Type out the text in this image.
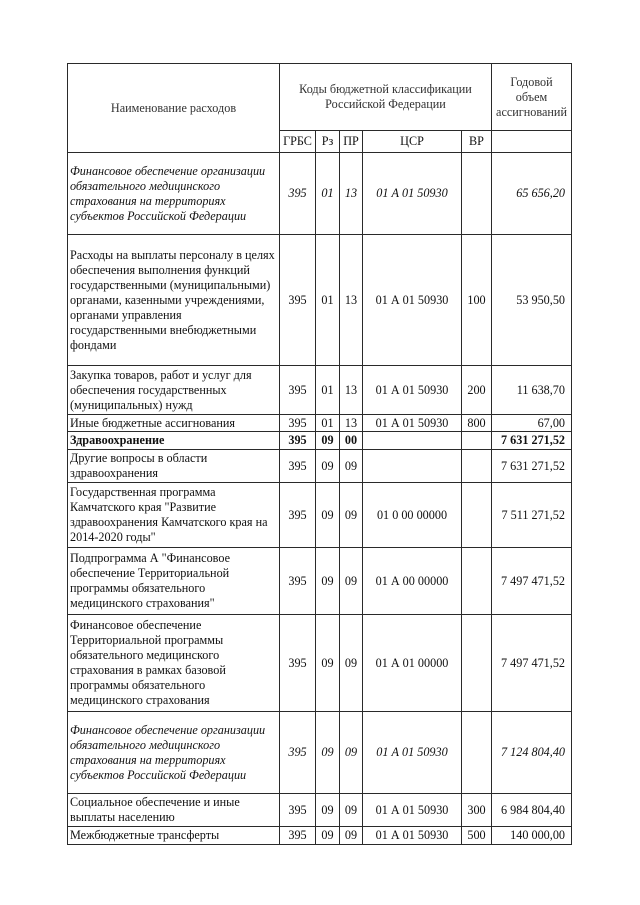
Наименование расходов	Коды бюджетной классификации Российской Федерации					Годовой объем ассигнований
	ГРБС	Рз	ПР	ЦСР	ВР	
Финансовое обеспечение организации обязательного медицинского страхования на территориях субъектов Российской Федерации	395	01	13	01 А 01 50930		65 656,20
Расходы на выплаты персоналу в целях обеспечения выполнения функций государственными (муниципальными) органами, казенными учреждениями, органами управления государственными внебюджетными фондами	395	01	13	01 А 01 50930	100	53 950,50
Закупка товаров, работ и услуг для обеспечения государственных (муниципальных) нужд	395	01	13	01 А 01 50930	200	11 638,70
Иные бюджетные ассигнования	395	01	13	01 А 01 50930	800	67,00
Здравоохранение	395	09	00			7 631 271,52
Другие вопросы в области здравоохранения	395	09	09			7 631 271,52
Государственная программа Камчатского края "Развитие здравоохранения Камчатского края на 2014-2020 годы"	395	09	09	01 0 00 00000		7 511 271,52
Подпрограмма А "Финансовое обеспечение Территориальной программы обязательного медицинского страхования"	395	09	09	01 А 00 00000		7 497 471,52
Финансовое обеспечение Территориальной программы обязательного медицинского страхования в рамках базовой программы обязательного медицинского страхования	395	09	09	01 А 01 00000		7 497 471,52
Финансовое обеспечение организации обязательного медицинского страхования на территориях субъектов Российской Федерации	395	09	09	01 А 01 50930		7 124 804,40
Социальное обеспечение и иные выплаты населению	395	09	09	01 А 01 50930	300	6 984 804,40
Межбюджетные трансферты	395	09	09	01 А 01 50930	500	140 000,00
